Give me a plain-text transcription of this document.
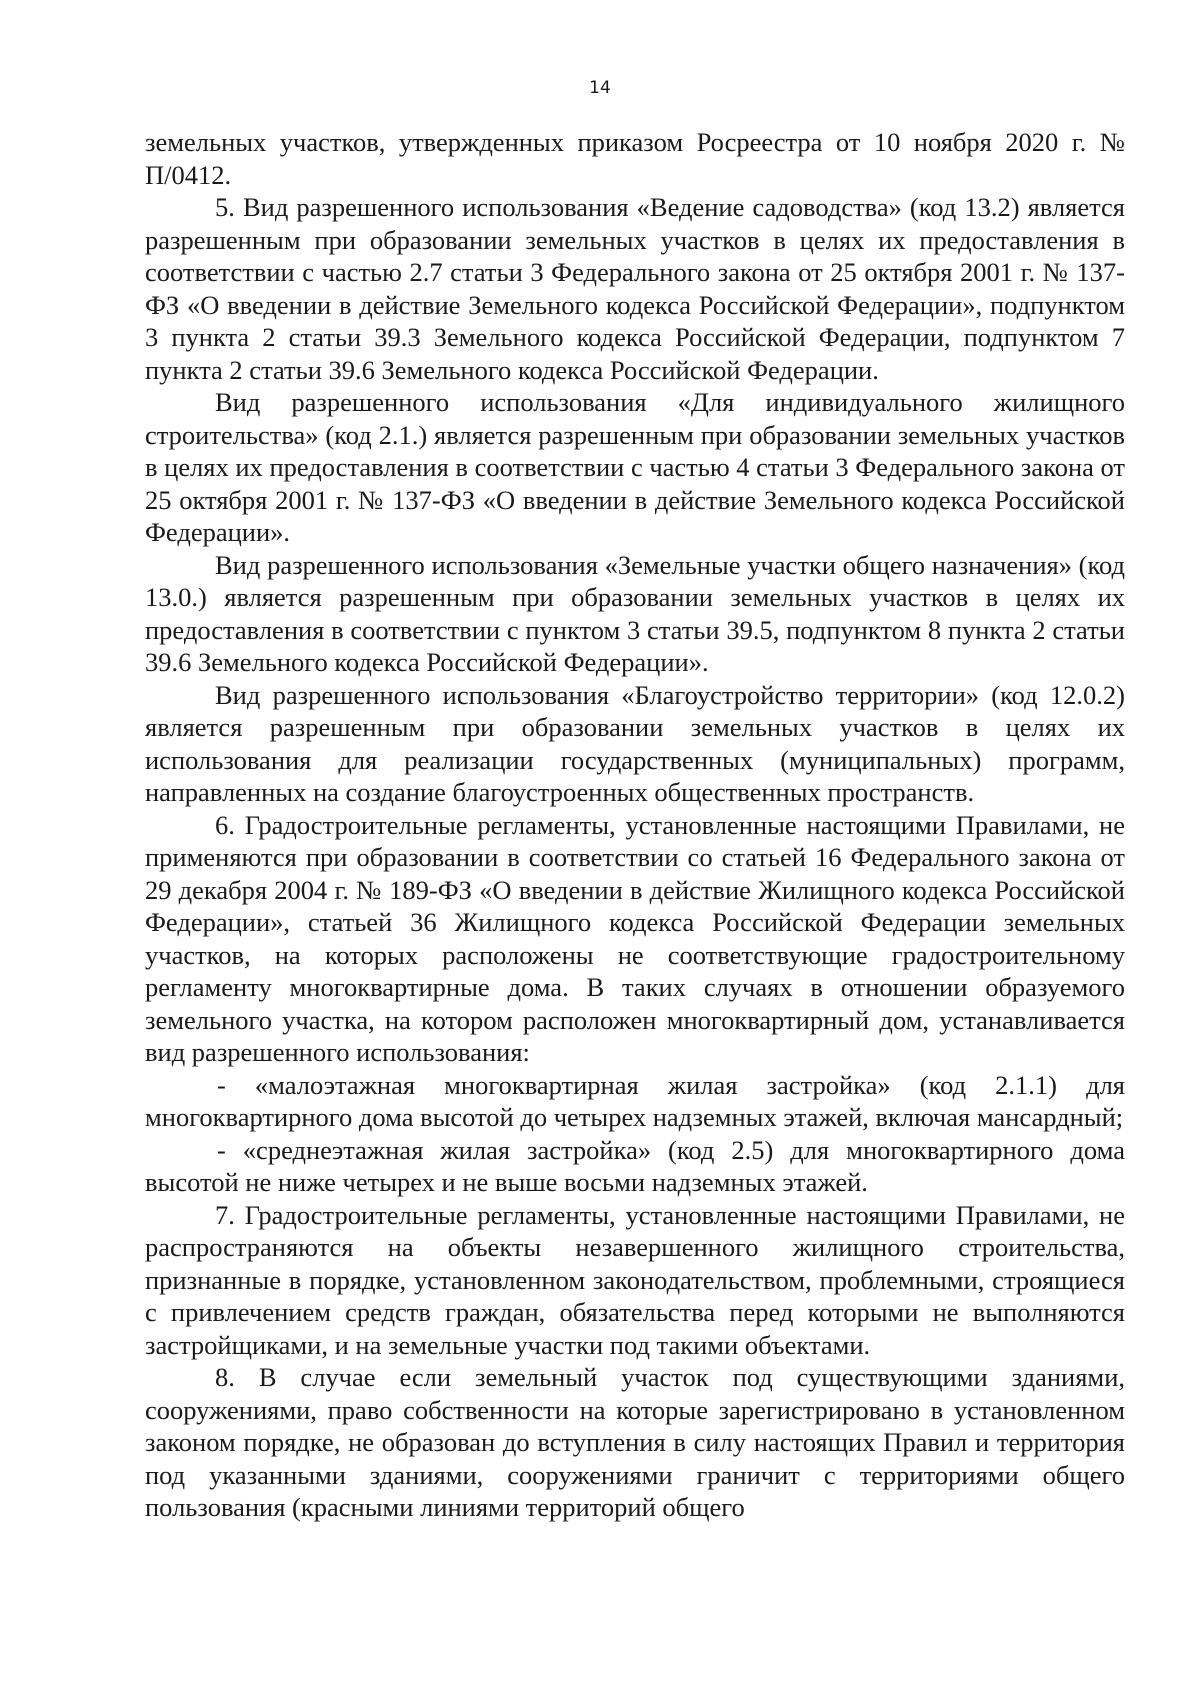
14

земельных участков, утвержденных приказом Росреестра от 10 ноября 2020 г. № П/0412.

5. Вид разрешенного использования «Ведение садоводства» (код 13.2) является разрешенным при образовании земельных участков в целях их предоставления в соответствии с частью 2.7 статьи 3 Федерального закона от 25 октября 2001 г. № 137-ФЗ «О введении в действие Земельного кодекса Российской Федерации», подпунктом 3 пункта 2 статьи 39.3 Земельного кодекса Российской Федерации, подпунктом 7 пункта 2 статьи 39.6 Земельного кодекса Российской Федерации.

Вид разрешенного использования «Для индивидуального жилищного строительства» (код 2.1.) является разрешенным при образовании земельных участков в целях их предоставления в соответствии с частью 4 статьи 3 Федерального закона от 25 октября 2001 г. № 137-ФЗ «О введении в действие Земельного кодекса Российской Федерации».

Вид разрешенного использования «Земельные участки общего назначения» (код 13.0.) является разрешенным при образовании земельных участков в целях их предоставления в соответствии с пунктом 3 статьи 39.5, подпунктом 8 пункта 2 статьи 39.6 Земельного кодекса Российской Федерации».

Вид разрешенного использования «Благоустройство территории» (код 12.0.2) является разрешенным при образовании земельных участков в целях их использования для реализации государственных (муниципальных) программ, направленных на создание благоустроенных общественных пространств.

6. Градостроительные регламенты, установленные настоящими Правилами, не применяются при образовании в соответствии со статьей 16 Федерального закона от 29 декабря 2004 г. № 189-ФЗ «О введении в действие Жилищного кодекса Российской Федерации», статьей 36 Жилищного кодекса Российской Федерации земельных участков, на которых расположены не соответствующие градостроительному регламенту многоквартирные дома. В таких случаях в отношении образуемого земельного участка, на котором расположен многоквартирный дом, устанавливается вид разрешенного использования:

- «малоэтажная многоквартирная жилая застройка» (код 2.1.1) для многоквартирного дома высотой до четырех надземных этажей, включая мансардный;

- «среднеэтажная жилая застройка» (код 2.5) для многоквартирного дома высотой не ниже четырех и не выше восьми надземных этажей.

7. Градостроительные регламенты, установленные настоящими Правилами, не распространяются на объекты незавершенного жилищного строительства, признанные в порядке, установленном законодательством, проблемными, строящиеся с привлечением средств граждан, обязательства перед которыми не выполняются застройщиками, и на земельные участки под такими объектами.

8. В случае если земельный участок под существующими зданиями, сооружениями, право собственности на которые зарегистрировано в установленном законом порядке, не образован до вступления в силу настоящих Правил и территория под указанными зданиями, сооружениями граничит с территориями общего пользования (красными линиями территорий общего
